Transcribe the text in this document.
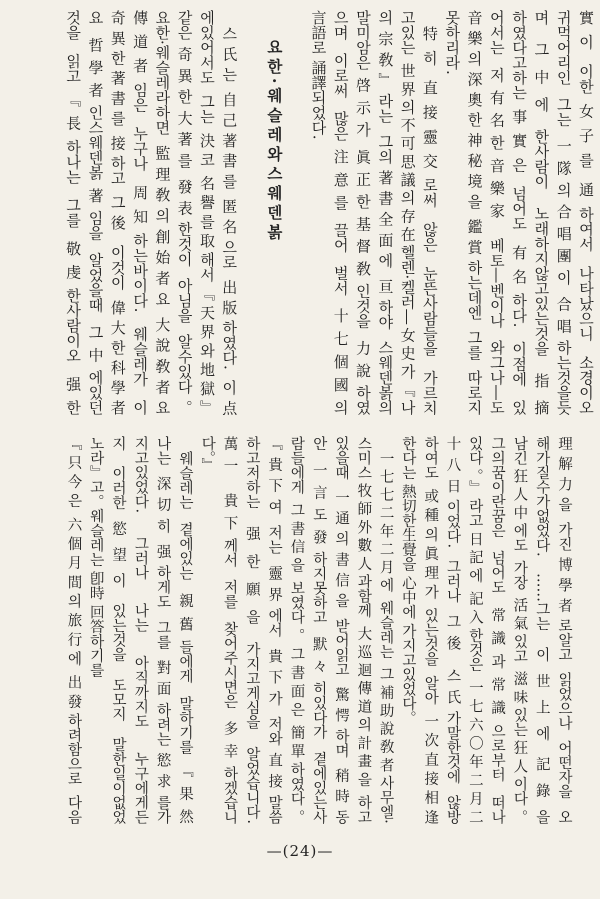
實이 이한女子를 通하여서 나타났으니 소경이오
귀먹어리인 그는 一隊의合唱團이 合唱하는것을듯
며 그中에 한사람이 노래하지않고있는것을 指摘
하였다고하는事實은 넘어도 有名하다. 이점에 있
어서는 저有名한音樂家 베토―벤이나 와그나―도
音樂의深奧한神秘境을 鑑賞하는데엔 그를 따로지
못하리라.
特히 直接靈交로써 않은 눈뜬사람들을 가르치
고있는 世界의不可思議의存在헬렌·켈러―女史가『나
의宗敎』라는 그의著書全面에 亘하야 스웨덴볽의
말미암은啓示가 眞正한基督敎인것을 力說하였
으며 이로써 많은注意를 끌어 벌서 十七個國의
言語로 誦譯되었다.
요한·웨슬레와스웨덴볽
스氏는 自己著書를 匿名으로 出版하였다. 이点
에있어서도 그는 決코 名譽를取해서『天界와地獄』
같은奇異한大著를 發表한것이 아님을 알수있다。
요한·웨슬레라하면 監理敎의創始者요 大說敎者요
傳道者임은 누구나 周知하는바이다. 웨슬레가 이
奇異한著書를 接하고 그後 이것이 偉大한科學者
요 哲學者인스웨덴볽著임을 알었을때 그中에있던
것을 읽고『長하나는 그를 敬虔한사람이오 强한
理解力을 가진博學者로알고 읽었으나 어떤자을 오
해가질수가없었다. ……그는 이世上에 記錄을
남긴狂人中에도 가장 活氣있고 滋味있는狂人이다。
그의꿈이란꿈은 넘어도 常識과常識으로부터 떠나
있다。』라고日記에 記入한것은 一七六〇年二月二
十八日이었다. 그러나 그後 스氏가말한것에 않방
하여도 或種의眞理가 있는것을 알아 一次直接相逢
한다는 熱切한生覺을 心中에 가지고있었다。
一七七二年二月에 웨슬레는 그補助說敎者사무엘·
스미스牧師外數人과함께 大巡迴傳道의計畫을 하고
있을때 一通의書信을 받어읽고 驚愕하며 稍時동
안 一言도發하지못하고 默々히있다가 곁에있는사
람들에게 그書信을 보였다。그書面은 簡單하였다。
『貴下여 저는 靈界에서 貴下가 저와直接말씀
하고저하는 强한願을 가지고게심을 알었습니다.
萬一 貴下께서 저를 찾어주시면은 多幸하겠습니
다。』
웨슬레는 곁에있는 親舊들에게 말하기를『果然
나는 深切히 强하게도 그를 對面하려는慾求를가
지고있었다. 그러나 나는 아직까지도 누구에게든
지 이러한慾望이 있는것을 도모지 말한일이없었
노라』고。웨슬레는 卽時 回答하기를
『只今은 六個月間의旅行에 出發하려함으로 다음
—(24)—
